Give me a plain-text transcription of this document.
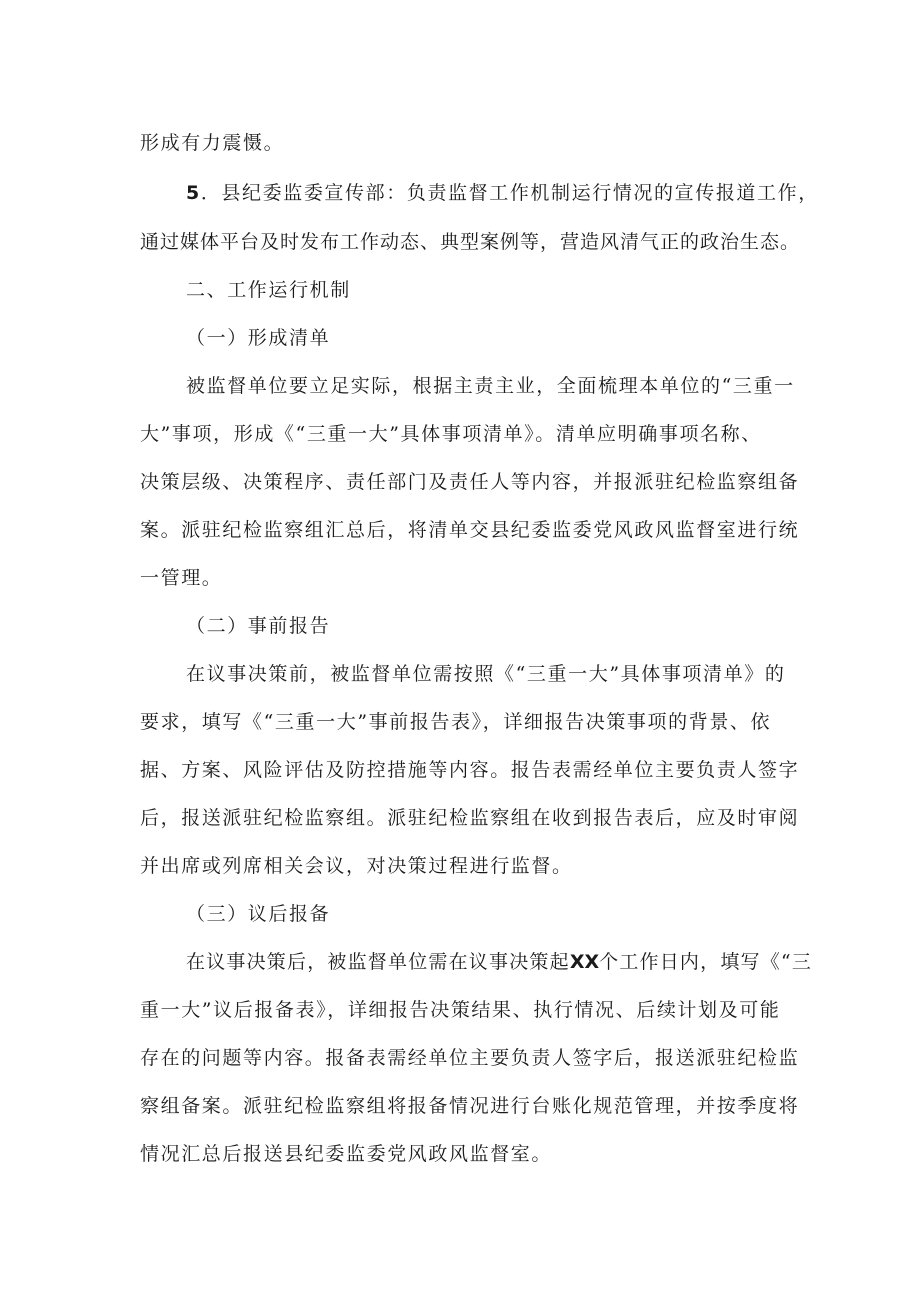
形成有力震慑。
5．县纪委监委宣传部：负责监督工作机制运行情况的宣传报道工作，
通过媒体平台及时发布工作动态、典型案例等，营造风清气正的政治生态。
二、工作运行机制
（一）形成清单
被监督单位要立足实际，根据主责主业，全面梳理本单位的“三重一
大”事项，形成《“三重一大”具体事项清单》。清单应明确事项名称、
决策层级、决策程序、责任部门及责任人等内容，并报派驻纪检监察组备
案。派驻纪检监察组汇总后，将清单交县纪委监委党风政风监督室进行统
一管理。
（二）事前报告
在议事决策前，被监督单位需按照《“三重一大”具体事项清单》的
要求，填写《“三重一大”事前报告表》，详细报告决策事项的背景、依
据、方案、风险评估及防控措施等内容。报告表需经单位主要负责人签字
后，报送派驻纪检监察组。派驻纪检监察组在收到报告表后，应及时审阅
并出席或列席相关会议，对决策过程进行监督。
（三）议后报备
在议事决策后，被监督单位需在议事决策起XX个工作日内，填写《“三
重一大”议后报备表》，详细报告决策结果、执行情况、后续计划及可能
存在的问题等内容。报备表需经单位主要负责人签字后，报送派驻纪检监
察组备案。派驻纪检监察组将报备情况进行台账化规范管理，并按季度将
情况汇总后报送县纪委监委党风政风监督室。
